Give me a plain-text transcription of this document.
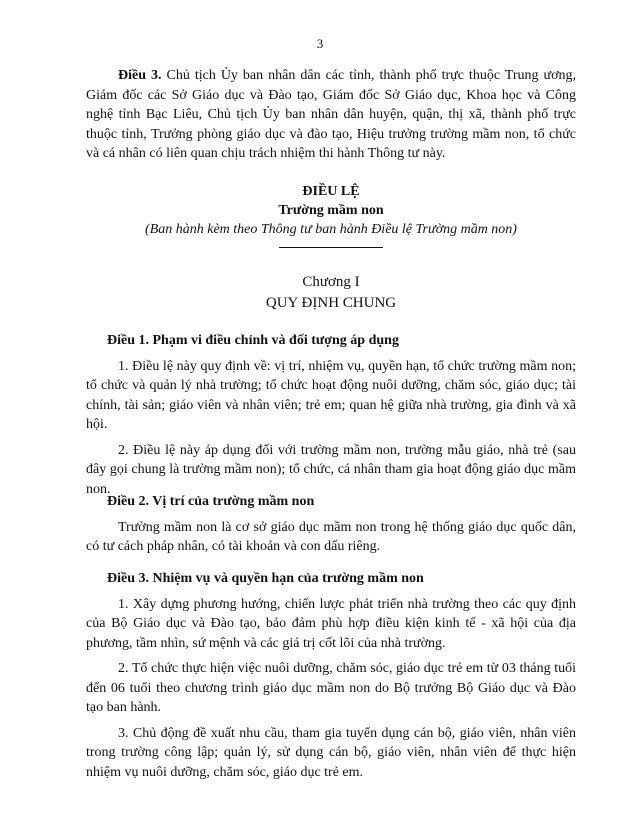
3

Điều 3. Chủ tịch Ủy ban nhân dân các tỉnh, thành phố trực thuộc Trung ương, Giám đốc các Sở Giáo dục và Đào tạo, Giám đốc Sở Giáo dục, Khoa học và Công nghệ tỉnh Bạc Liêu, Chủ tịch Ủy ban nhân dân huyện, quận, thị xã, thành phố trực thuộc tỉnh, Trưởng phòng giáo dục và đào tạo, Hiệu trưởng trường mầm non, tổ chức và cá nhân có liên quan chịu trách nhiệm thi hành Thông tư này.

ĐIỀU LỆ

Trường mầm non

(Ban hành kèm theo Thông tư ban hành Điều lệ Trường mầm non)

Chương I

QUY ĐỊNH CHUNG

Điều 1. Phạm vi điều chỉnh và đối tượng áp dụng

1. Điều lệ này quy định về: vị trí, nhiệm vụ, quyền hạn, tổ chức trường mầm non; tổ chức và quản lý nhà trường; tổ chức hoạt động nuôi dưỡng, chăm sóc, giáo dục; tài chính, tài sản; giáo viên và nhân viên; trẻ em; quan hệ giữa nhà trường, gia đình và xã hội.

2. Điều lệ này áp dụng đối với trường mầm non, trường mẫu giáo, nhà trẻ (sau đây gọi chung là trường mầm non); tổ chức, cá nhân tham gia hoạt động giáo dục mầm non.

Điều 2. Vị trí của trường mầm non

Trường mầm non là cơ sở giáo dục mầm non trong hệ thống giáo dục quốc dân, có tư cách pháp nhân, có tài khoản và con dấu riêng.

Điều 3. Nhiệm vụ và quyền hạn của trường mầm non

1. Xây dựng phương hướng, chiến lược phát triển nhà trường theo các quy định của Bộ Giáo dục và Đào tạo, bảo đảm phù hợp điều kiện kinh tế - xã hội của địa phương, tầm nhìn, sứ mệnh và các giá trị cốt lõi của nhà trường.

2. Tổ chức thực hiện việc nuôi dưỡng, chăm sóc, giáo dục trẻ em từ 03 tháng tuổi đến 06 tuổi theo chương trình giáo dục mầm non do Bộ trưởng Bộ Giáo dục và Đào tạo ban hành.

3. Chủ động đề xuất nhu cầu, tham gia tuyển dụng cán bộ, giáo viên, nhân viên trong trường công lập; quản lý, sử dụng cán bộ, giáo viên, nhân viên để thực hiện nhiệm vụ nuôi dưỡng, chăm sóc, giáo dục trẻ em.
